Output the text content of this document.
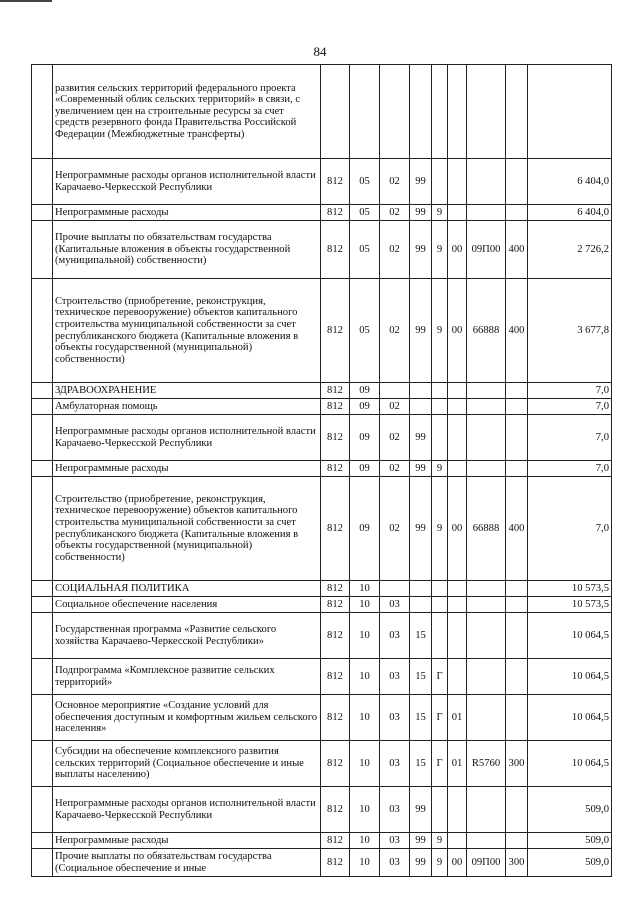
84
	развития сельских территорий федерального проекта «Современный облик сельских территорий» в связи, с увеличением цен на строительные ресурсы за счет средств резервного фонда Правительства Российской Федерации (Межбюджетные трансферты)									
	Непрограммные расходы органов исполнительной власти Карачаево-Черкесской Республики	812	05	02	99					6 404,0
	Непрограммные расходы	812	05	02	99	9				6 404,0
	Прочие выплаты по обязательствам государства (Капитальные вложения в объекты государственной (муниципальной) собственности)	812	05	02	99	9	00	09П00	400	2 726,2
	Строительство (приобретение, реконструкция, техническое перевооружение) объектов капитального строительства муниципальной собственности за счет республиканского бюджета (Капитальные вложения в объекты государственной (муниципальной) собственности)	812	05	02	99	9	00	66888	400	3 677,8
	ЗДРАВООХРАНЕНИЕ	812	09							7,0
	Амбулаторная помощь	812	09	02						7,0
	Непрограммные расходы органов исполнительной власти Карачаево-Черкесской Республики	812	09	02	99					7,0
	Непрограммные расходы	812	09	02	99	9				7,0
	Строительство (приобретение, реконструкция, техническое перевооружение) объектов капитального строительства муниципальной собственности за счет республиканского бюджета (Капитальные вложения в объекты государственной (муниципальной) собственности)	812	09	02	99	9	00	66888	400	7,0
	СОЦИАЛЬНАЯ ПОЛИТИКА	812	10							10 573,5
	Социальное обеспечение населения	812	10	03						10 573,5
	Государственная программа «Развитие сельского хозяйства Карачаево-Черкесской Республики»	812	10	03	15					10 064,5
	Подпрограмма «Комплексное развитие сельских территорий»	812	10	03	15	Г				10 064,5
	Основное мероприятие «Создание условий для обеспечения доступным и комфортным жильем сельского населения»	812	10	03	15	Г	01			10 064,5
	Субсидии на обеспечение комплексного развития сельских территорий (Социальное обеспечение и иные выплаты населению)	812	10	03	15	Г	01	R5760	300	10 064,5
	Непрограммные расходы органов исполнительной власти Карачаево-Черкесской Республики	812	10	03	99					509,0
	Непрограммные расходы	812	10	03	99	9				509,0
	Прочие выплаты по обязательствам государства (Социальное обеспечение и иные	812	10	03	99	9	00	09П00	300	509,0
